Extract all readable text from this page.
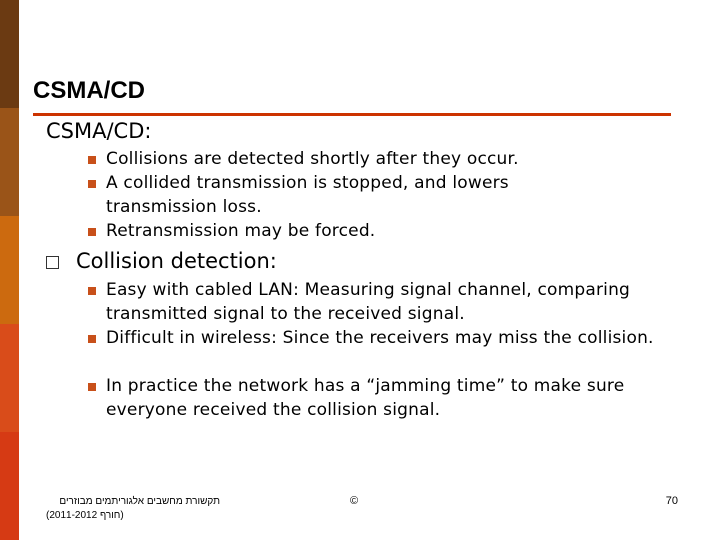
CSMA/CD
CSMA/CD:
Collisions are detected shortly after they occur.
A collided transmission is stopped, and lowers transmission loss.
Retransmission may be forced.
Collision detection:
Easy with cabled LAN: Measuring signal channel, comparing transmitted signal to the received signal.
Difficult in wireless: Since the receivers may miss the collision.
In practice the network has a “jamming time” to make sure everyone received the collision signal.
תקשורת מחשבים אלגוריתמים מבוזרים
(2011-2012 חורף)
©	70
